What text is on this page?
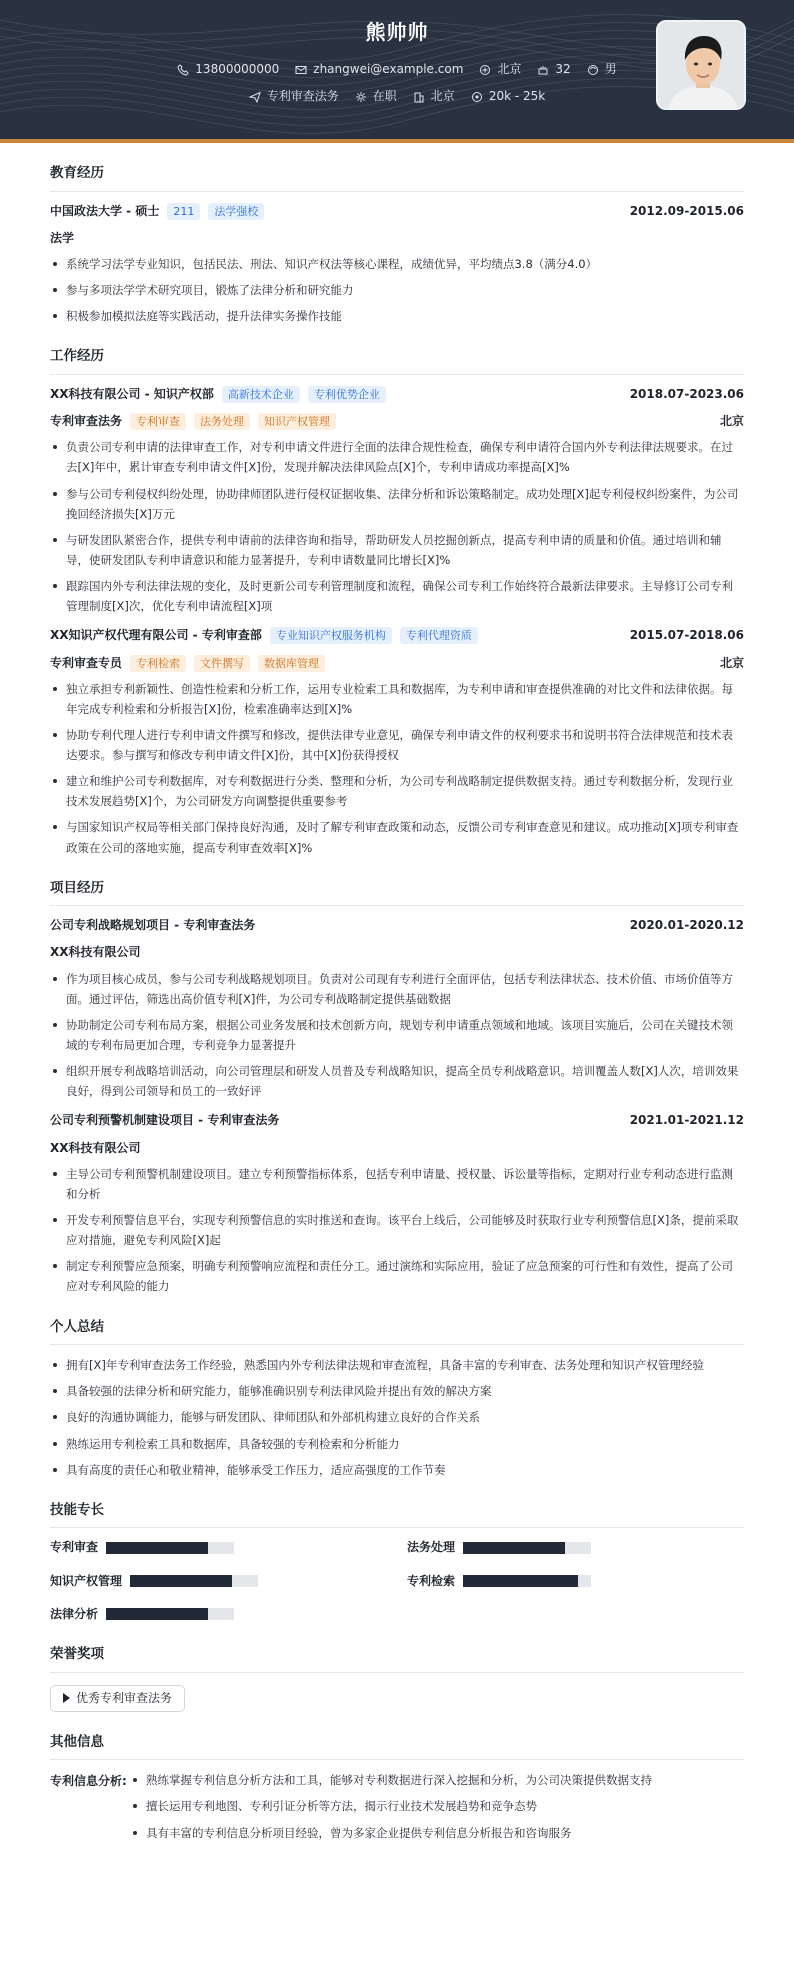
熊帅帅
13800000000	zhangwei@example.com	北京	32	男
专利审查法务	在职	北京	20k - 25k
教育经历
中国政法大学 - 硕士	211	法学强校	2012.09-2015.06
法学
系统学习法学专业知识，包括民法、刑法、知识产权法等核心课程，成绩优异，平均绩点3.8（满分4.0）
参与多项法学学术研究项目，锻炼了法律分析和研究能力
积极参加模拟法庭等实践活动，提升法律实务操作技能
工作经历
XX科技有限公司 - 知识产权部	高新技术企业	专利优势企业	2018.07-2023.06
专利审查法务	专利审查	法务处理	知识产权管理	北京
负责公司专利申请的法律审查工作，对专利申请文件进行全面的法律合规性检查，确保专利申请符合国内外专利法律法规要求。在过去[X]年中，累计审查专利申请文件[X]份，发现并解决法律风险点[X]个，专利申请成功率提高[X]%
参与公司专利侵权纠纷处理，协助律师团队进行侵权证据收集、法律分析和诉讼策略制定。成功处理[X]起专利侵权纠纷案件，为公司挽回经济损失[X]万元
与研发团队紧密合作，提供专利申请前的法律咨询和指导，帮助研发人员挖掘创新点，提高专利申请的质量和价值。通过培训和辅导，使研发团队专利申请意识和能力显著提升，专利申请数量同比增长[X]%
跟踪国内外专利法律法规的变化，及时更新公司专利管理制度和流程，确保公司专利工作始终符合最新法律要求。主导修订公司专利管理制度[X]次，优化专利申请流程[X]项
XX知识产权代理有限公司 - 专利审查部	专业知识产权服务机构	专利代理资质	2015.07-2018.06
专利审查专员	专利检索	文件撰写	数据库管理	北京
独立承担专利新颖性、创造性检索和分析工作，运用专业检索工具和数据库，为专利申请和审查提供准确的对比文件和法律依据。每年完成专利检索和分析报告[X]份，检索准确率达到[X]%
协助专利代理人进行专利申请文件撰写和修改，提供法律专业意见，确保专利申请文件的权利要求书和说明书符合法律规范和技术表达要求。参与撰写和修改专利申请文件[X]份，其中[X]份获得授权
建立和维护公司专利数据库，对专利数据进行分类、整理和分析，为公司专利战略制定提供数据支持。通过专利数据分析，发现行业技术发展趋势[X]个，为公司研发方向调整提供重要参考
与国家知识产权局等相关部门保持良好沟通，及时了解专利审查政策和动态，反馈公司专利审查意见和建议。成功推动[X]项专利审查政策在公司的落地实施，提高专利审查效率[X]%
项目经历
公司专利战略规划项目 - 专利审查法务	2020.01-2020.12
XX科技有限公司
作为项目核心成员，参与公司专利战略规划项目。负责对公司现有专利进行全面评估，包括专利法律状态、技术价值、市场价值等方面。通过评估，筛选出高价值专利[X]件，为公司专利战略制定提供基础数据
协助制定公司专利布局方案，根据公司业务发展和技术创新方向，规划专利申请重点领域和地域。该项目实施后，公司在关键技术领域的专利布局更加合理，专利竞争力显著提升
组织开展专利战略培训活动，向公司管理层和研发人员普及专利战略知识，提高全员专利战略意识。培训覆盖人数[X]人次，培训效果良好，得到公司领导和员工的一致好评
公司专利预警机制建设项目 - 专利审查法务	2021.01-2021.12
XX科技有限公司
主导公司专利预警机制建设项目。建立专利预警指标体系，包括专利申请量、授权量、诉讼量等指标，定期对行业专利动态进行监测和分析
开发专利预警信息平台，实现专利预警信息的实时推送和查询。该平台上线后，公司能够及时获取行业专利预警信息[X]条，提前采取应对措施，避免专利风险[X]起
制定专利预警应急预案，明确专利预警响应流程和责任分工。通过演练和实际应用，验证了应急预案的可行性和有效性，提高了公司应对专利风险的能力
个人总结
拥有[X]年专利审查法务工作经验，熟悉国内外专利法律法规和审查流程，具备丰富的专利审查、法务处理和知识产权管理经验
具备较强的法律分析和研究能力，能够准确识别专利法律风险并提出有效的解决方案
良好的沟通协调能力，能够与研发团队、律师团队和外部机构建立良好的合作关系
熟练运用专利检索工具和数据库，具备较强的专利检索和分析能力
具有高度的责任心和敬业精神，能够承受工作压力，适应高强度的工作节奏
技能专长
专利审查	法务处理
知识产权管理	专利检索
法律分析
荣誉奖项
优秀专利审查法务
其他信息
专利信息分析:	熟练掌握专利信息分析方法和工具，能够对专利数据进行深入挖掘和分析，为公司决策提供数据支持
擅长运用专利地图、专利引证分析等方法，揭示行业技术发展趋势和竞争态势
具有丰富的专利信息分析项目经验，曾为多家企业提供专利信息分析报告和咨询服务
